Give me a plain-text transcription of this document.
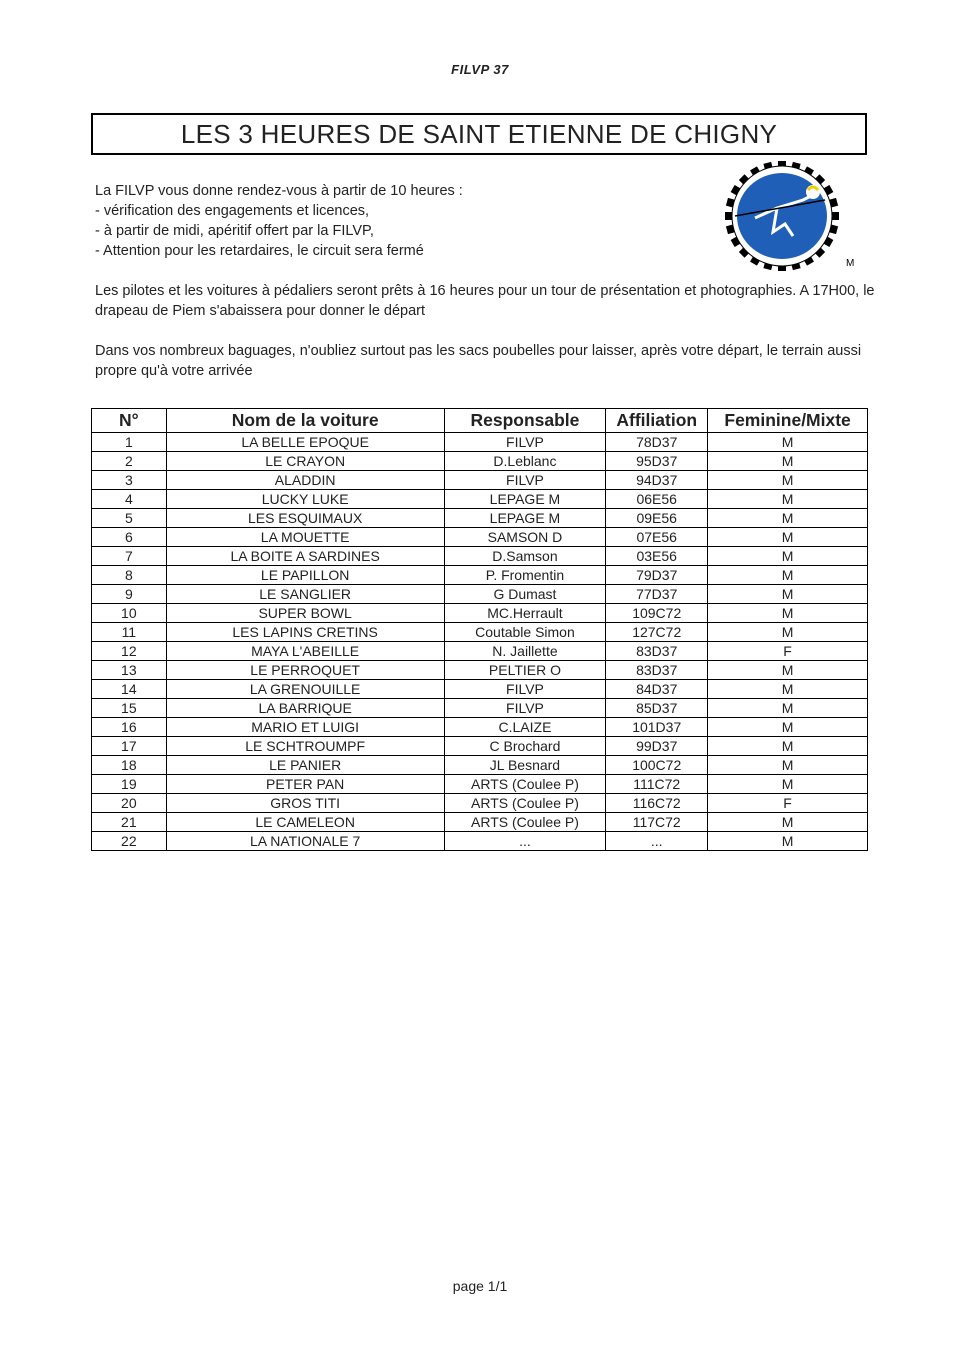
FILVP 37
LES 3 HEURES DE SAINT ETIENNE DE CHIGNY
La FILVP vous donne rendez-vous à partir de 10 heures :
- vérification des engagements et licences,
- à partir de midi, apéritif offert par la FILVP,
- Attention pour les retardaires, le circuit sera fermé
M
Les pilotes et les voitures à pédaliers seront prêts à 16 heures pour un tour de présentation et photographies. A 17H00, le drapeau de Piem s'abaissera pour donner le départ
Dans vos nombreux baguages, n'oubliez surtout pas les sacs poubelles pour laisser, après votre départ, le terrain aussi propre qu'à votre arrivée
N°	Nom de la voiture	Responsable	Affiliation	Feminine/Mixte
1	LA BELLE EPOQUE	FILVP	78D37	M
2	LE CRAYON	D.Leblanc	95D37	M
3	ALADDIN	FILVP	94D37	M
4	LUCKY LUKE	LEPAGE M	06E56	M
5	LES ESQUIMAUX	LEPAGE M	09E56	M
6	LA MOUETTE	SAMSON D	07E56	M
7	LA BOITE A SARDINES	D.Samson	03E56	M
8	LE PAPILLON	P. Fromentin	79D37	M
9	LE SANGLIER	G Dumast	77D37	M
10	SUPER BOWL	MC.Herrault	109C72	M
11	LES LAPINS CRETINS	Coutable Simon	127C72	M
12	MAYA L'ABEILLE	N. Jaillette	83D37	F
13	LE PERROQUET	PELTIER O	83D37	M
14	LA GRENOUILLE	FILVP	84D37	M
15	LA BARRIQUE	FILVP	85D37	M
16	MARIO ET LUIGI	C.LAIZE	101D37	M
17	LE SCHTROUMPF	C Brochard	99D37	M
18	LE PANIER	JL Besnard	100C72	M
19	PETER PAN	ARTS (Coulee P)	111C72	M
20	GROS TITI	ARTS (Coulee P)	116C72	F
21	LE CAMELEON	ARTS (Coulee P)	117C72	M
22	LA NATIONALE 7	...	...	M
page 1/1
